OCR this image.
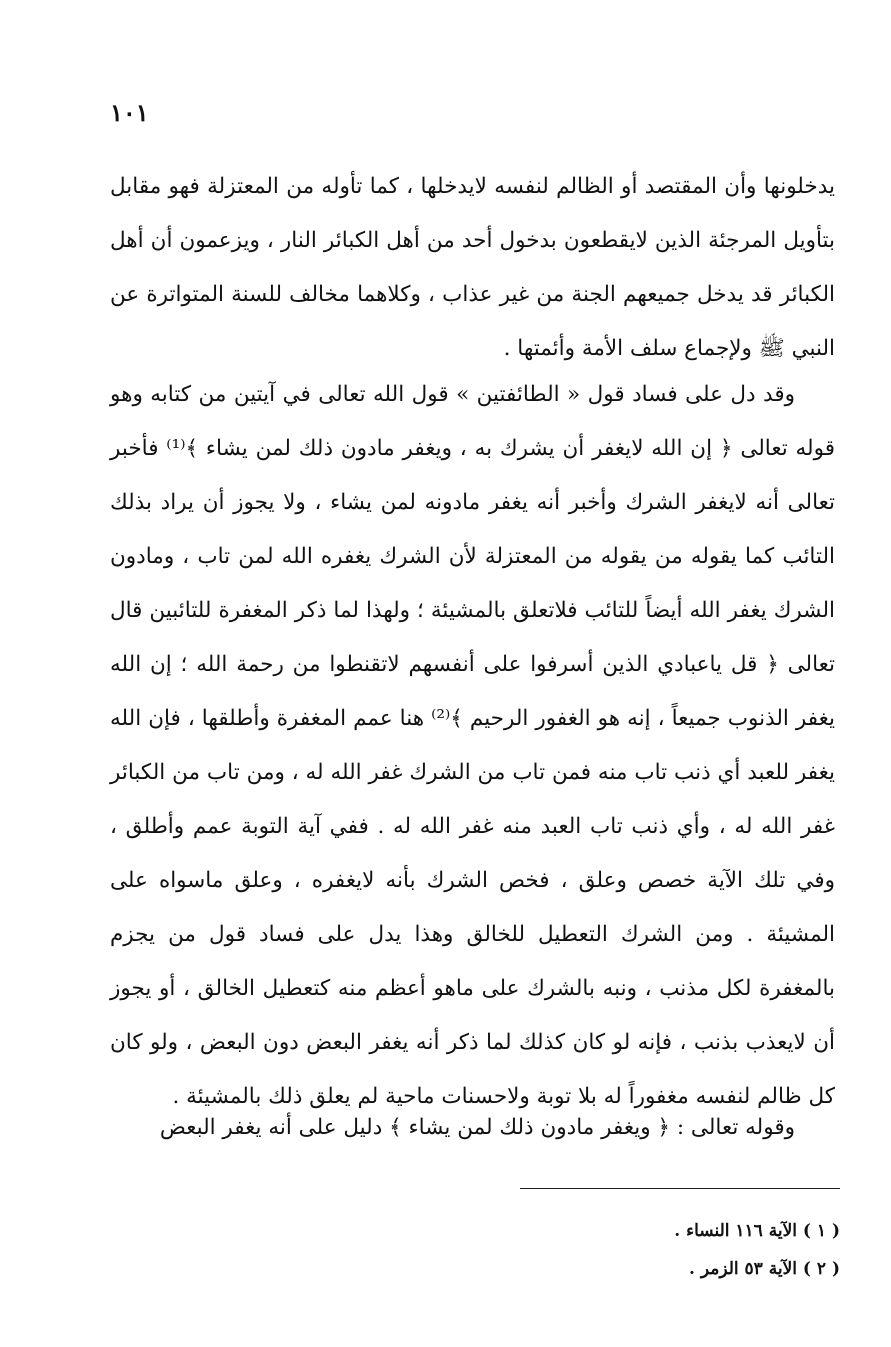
١٠١

يدخلونها وأن المقتصد أو الظالم لنفسه لايدخلها ، كما تأوله من المعتزلة فهو مقابل بتأويل المرجئة الذين لايقطعون بدخول أحد من أهل الكبائر النار ، ويزعمون أن أهل الكبائر قد يدخل جميعهم الجنة من غير عذاب ، وكلاهما مخالف للسنة المتواترة عن النبي ﷺ ولإجماع سلف الأمة وأئمتها .

وقد دل على فساد قول « الطائفتين » قول الله تعالى في آيتين من كتابه وهو قوله تعالى ﴿ إن الله لايغفر أن يشرك به ، ويغفر مادون ذلك لمن يشاء ﴾⁽¹⁾ فأخبر تعالى أنه لايغفر الشرك وأخبر أنه يغفر مادونه لمن يشاء ، ولا يجوز أن يراد بذلك التائب كما يقوله من يقوله من المعتزلة لأن الشرك يغفره الله لمن تاب ، ومادون الشرك يغفر الله أيضاً للتائب فلاتعلق بالمشيئة ؛ ولهذا لما ذكر المغفرة للتائبين قال تعالى ﴿ قل ياعبادي الذين أسرفوا على أنفسهم لاتقنطوا من رحمة الله ؛ إن الله يغفر الذنوب جميعاً ، إنه هو الغفور الرحيم ﴾⁽²⁾ هنا عمم المغفرة وأطلقها ، فإن الله يغفر للعبد أي ذنب تاب منه فمن تاب من الشرك غفر الله له ، ومن تاب من الكبائر غفر الله له ، وأي ذنب تاب العبد منه غفر الله له . ففي آية التوبة عمم وأطلق ، وفي تلك الآية خصص وعلق ، فخص الشرك بأنه لايغفره ، وعلق ماسواه على المشيئة . ومن الشرك التعطيل للخالق وهذا يدل على فساد قول من يجزم بالمغفرة لكل مذنب ، ونبه بالشرك على ماهو أعظم منه كتعطيل الخالق ، أو يجوز أن لايعذب بذنب ، فإنه لو كان كذلك لما ذكر أنه يغفر البعض دون البعض ، ولو كان كل ظالم لنفسه مغفوراً له بلا توبة ولاحسنات ماحية لم يعلق ذلك بالمشيئة .

وقوله تعالى : ﴿ ويغفر مادون ذلك لمن يشاء ﴾ دليل على أنه يغفر البعض

( ١ ) الآية ١١٦ النساء .
( ٢ ) الآية ٥٣ الزمر .
